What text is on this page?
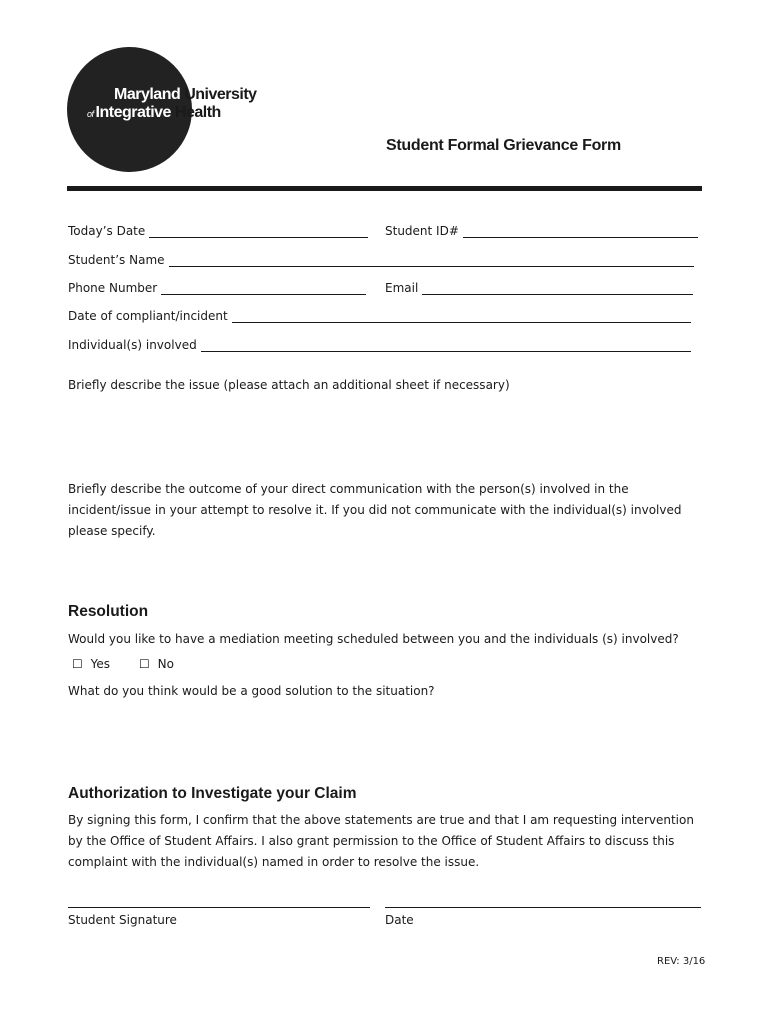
Maryland University
of Integrative Health
Student Formal Grievance Form
Today’s Date	Student ID#
Student’s Name
Phone Number	Email
Date of compliant/incident
Individual(s) involved
Briefly describe the issue (please attach an additional sheet if necessary)
Briefly describe the outcome of your direct communication with the person(s) involved in the incident/issue in your attempt to resolve it. If you did not communicate with the individual(s) involved please specify.
Resolution
Would you like to have a mediation meeting scheduled between you and the individuals (s) involved?
☐ Yes ☐ No
What do you think would be a good solution to the situation?
Authorization to Investigate your Claim
By signing this form, I confirm that the above statements are true and that I am requesting intervention by the Office of Student Affairs. I also grant permission to the Office of Student Affairs to discuss this complaint with the individual(s) named in order to resolve the issue.
Student Signature	Date
REV: 3/16
